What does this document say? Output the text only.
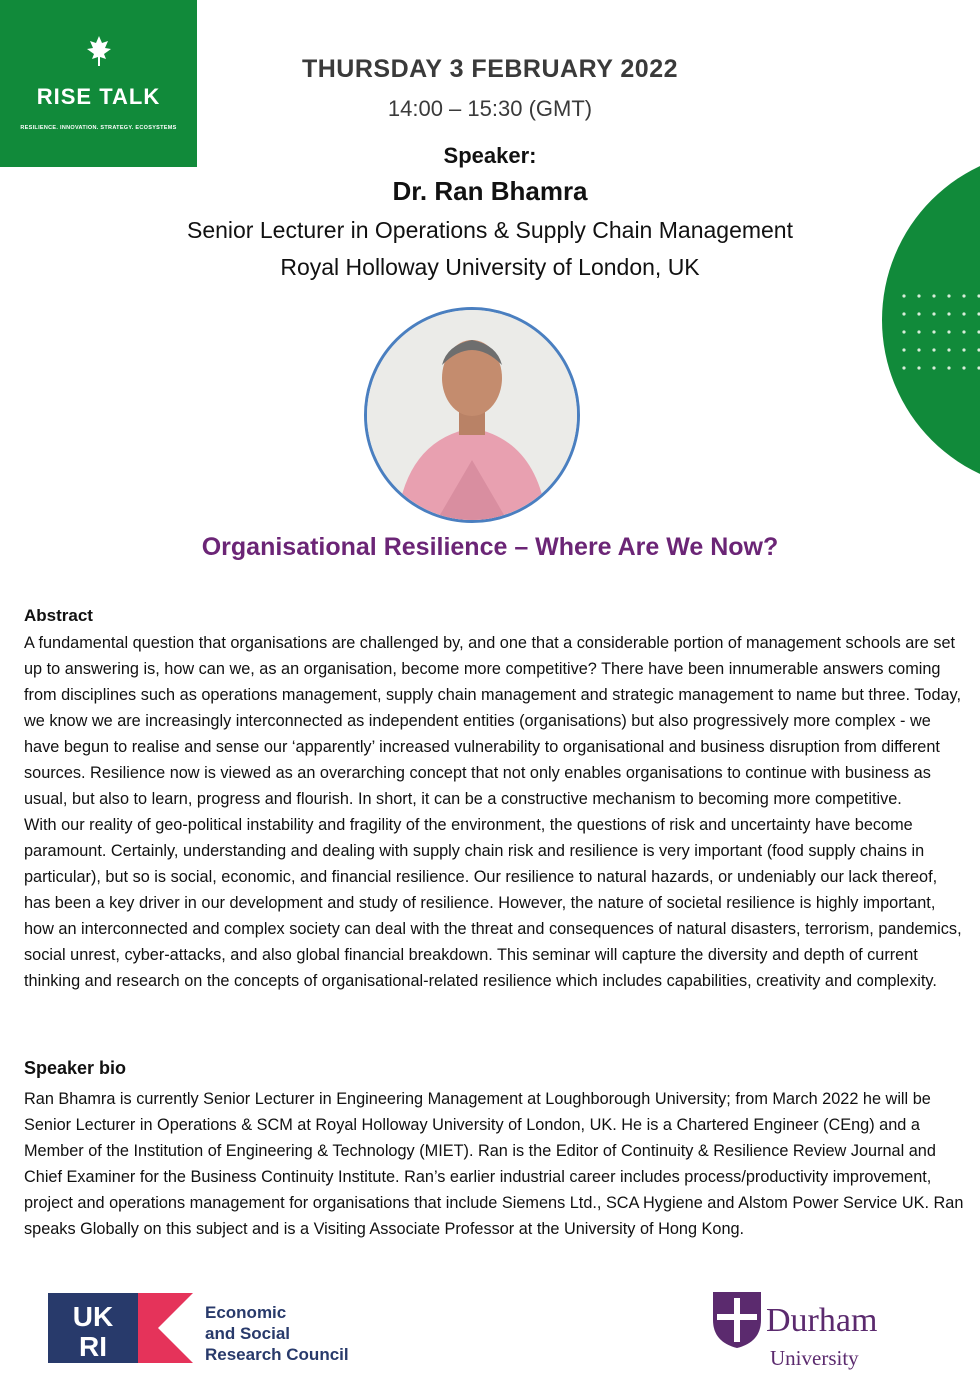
RISE TALK
RESILIENCE. INNOVATION. STRATEGY. ECOSYSTEMS
THURSDAY 3 FEBRUARY 2022
14:00 – 15:30 (GMT)
Speaker:
Dr. Ran Bhamra
Senior Lecturer in Operations & Supply Chain Management
Royal Holloway University of London, UK
Organisational Resilience – Where Are We Now?
Abstract
A fundamental question that organisations are challenged by, and one that a considerable portion of management schools are set up to answering is, how can we, as an organisation, become more competitive? There have been innumerable answers coming from disciplines such as operations management, supply chain management and strategic management to name but three. Today, we know we are increasingly interconnected as independent entities (organisations) but also progressively more complex - we have begun to realise and sense our ‘apparently’ increased vulnerability to organisational and business disruption from different sources. Resilience now is viewed as an overarching concept that not only enables organisations to continue with business as usual, but also to learn, progress and flourish. In short, it can be a constructive mechanism to becoming more competitive.
With our reality of geo-political instability and fragility of the environment, the questions of risk and uncertainty have become paramount. Certainly, understanding and dealing with supply chain risk and resilience is very important (food supply chains in particular), but so is social, economic, and financial resilience. Our resilience to natural hazards, or undeniably our lack thereof, has been a key driver in our development and study of resilience. However, the nature of societal resilience is highly important, how an interconnected and complex society can deal with the threat and consequences of natural disasters, terrorism, pandemics, social unrest, cyber-attacks, and also global financial breakdown. This seminar will capture the diversity and depth of current thinking and research on the concepts of organisational-related resilience which includes capabilities, creativity and complexity.
Speaker bio
Ran Bhamra is currently Senior Lecturer in Engineering Management at Loughborough University; from March 2022 he will be Senior Lecturer in Operations & SCM at Royal Holloway University of London, UK. He is a Chartered Engineer (CEng) and a Member of the Institution of Engineering & Technology (MIET). Ran is the Editor of Continuity & Resilience Review Journal and Chief Examiner for the Business Continuity Institute. Ran’s earlier industrial career includes process/productivity improvement, project and operations management for organisations that include Siemens Ltd., SCA Hygiene and Alstom Power Service UK. Ran speaks Globally on this subject and is a Visiting Associate Professor at the University of Hong Kong.
UK
RI
Economic
and Social
Research Council
Durham
University
